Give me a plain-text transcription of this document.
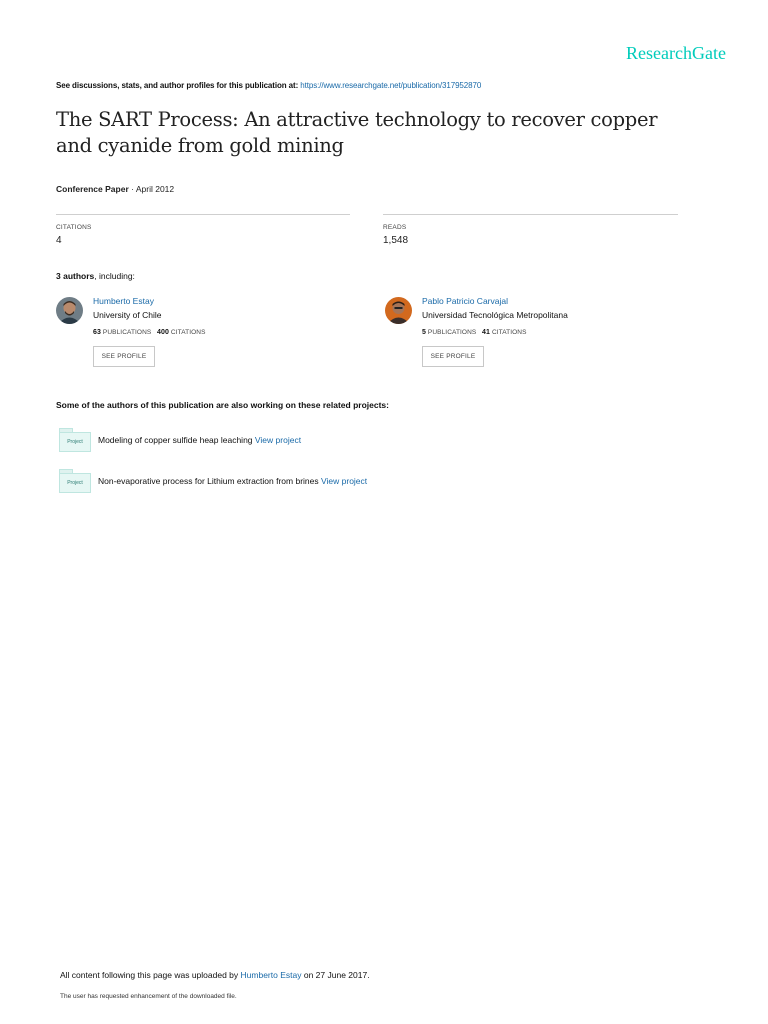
ResearchGate
See discussions, stats, and author profiles for this publication at: https://www.researchgate.net/publication/317952870
The SART Process: An attractive technology to recover copper and cyanide from gold mining
Conference Paper · April 2012
CITATIONS
4
READS
1,548
3 authors, including:
Humberto Estay
University of Chile
63 PUBLICATIONS 400 CITATIONS
SEE PROFILE
Pablo Patricio Carvajal
Universidad Tecnológica Metropolitana
5 PUBLICATIONS 41 CITATIONS
SEE PROFILE
Some of the authors of this publication are also working on these related projects:
Project	Modeling of copper sulfide heap leaching
View project
Project	Non-evaporative process for Lithium extraction from brines
View project
All content following this page was uploaded by Humberto Estay on 27 June 2017.
The user has requested enhancement of the downloaded file.
